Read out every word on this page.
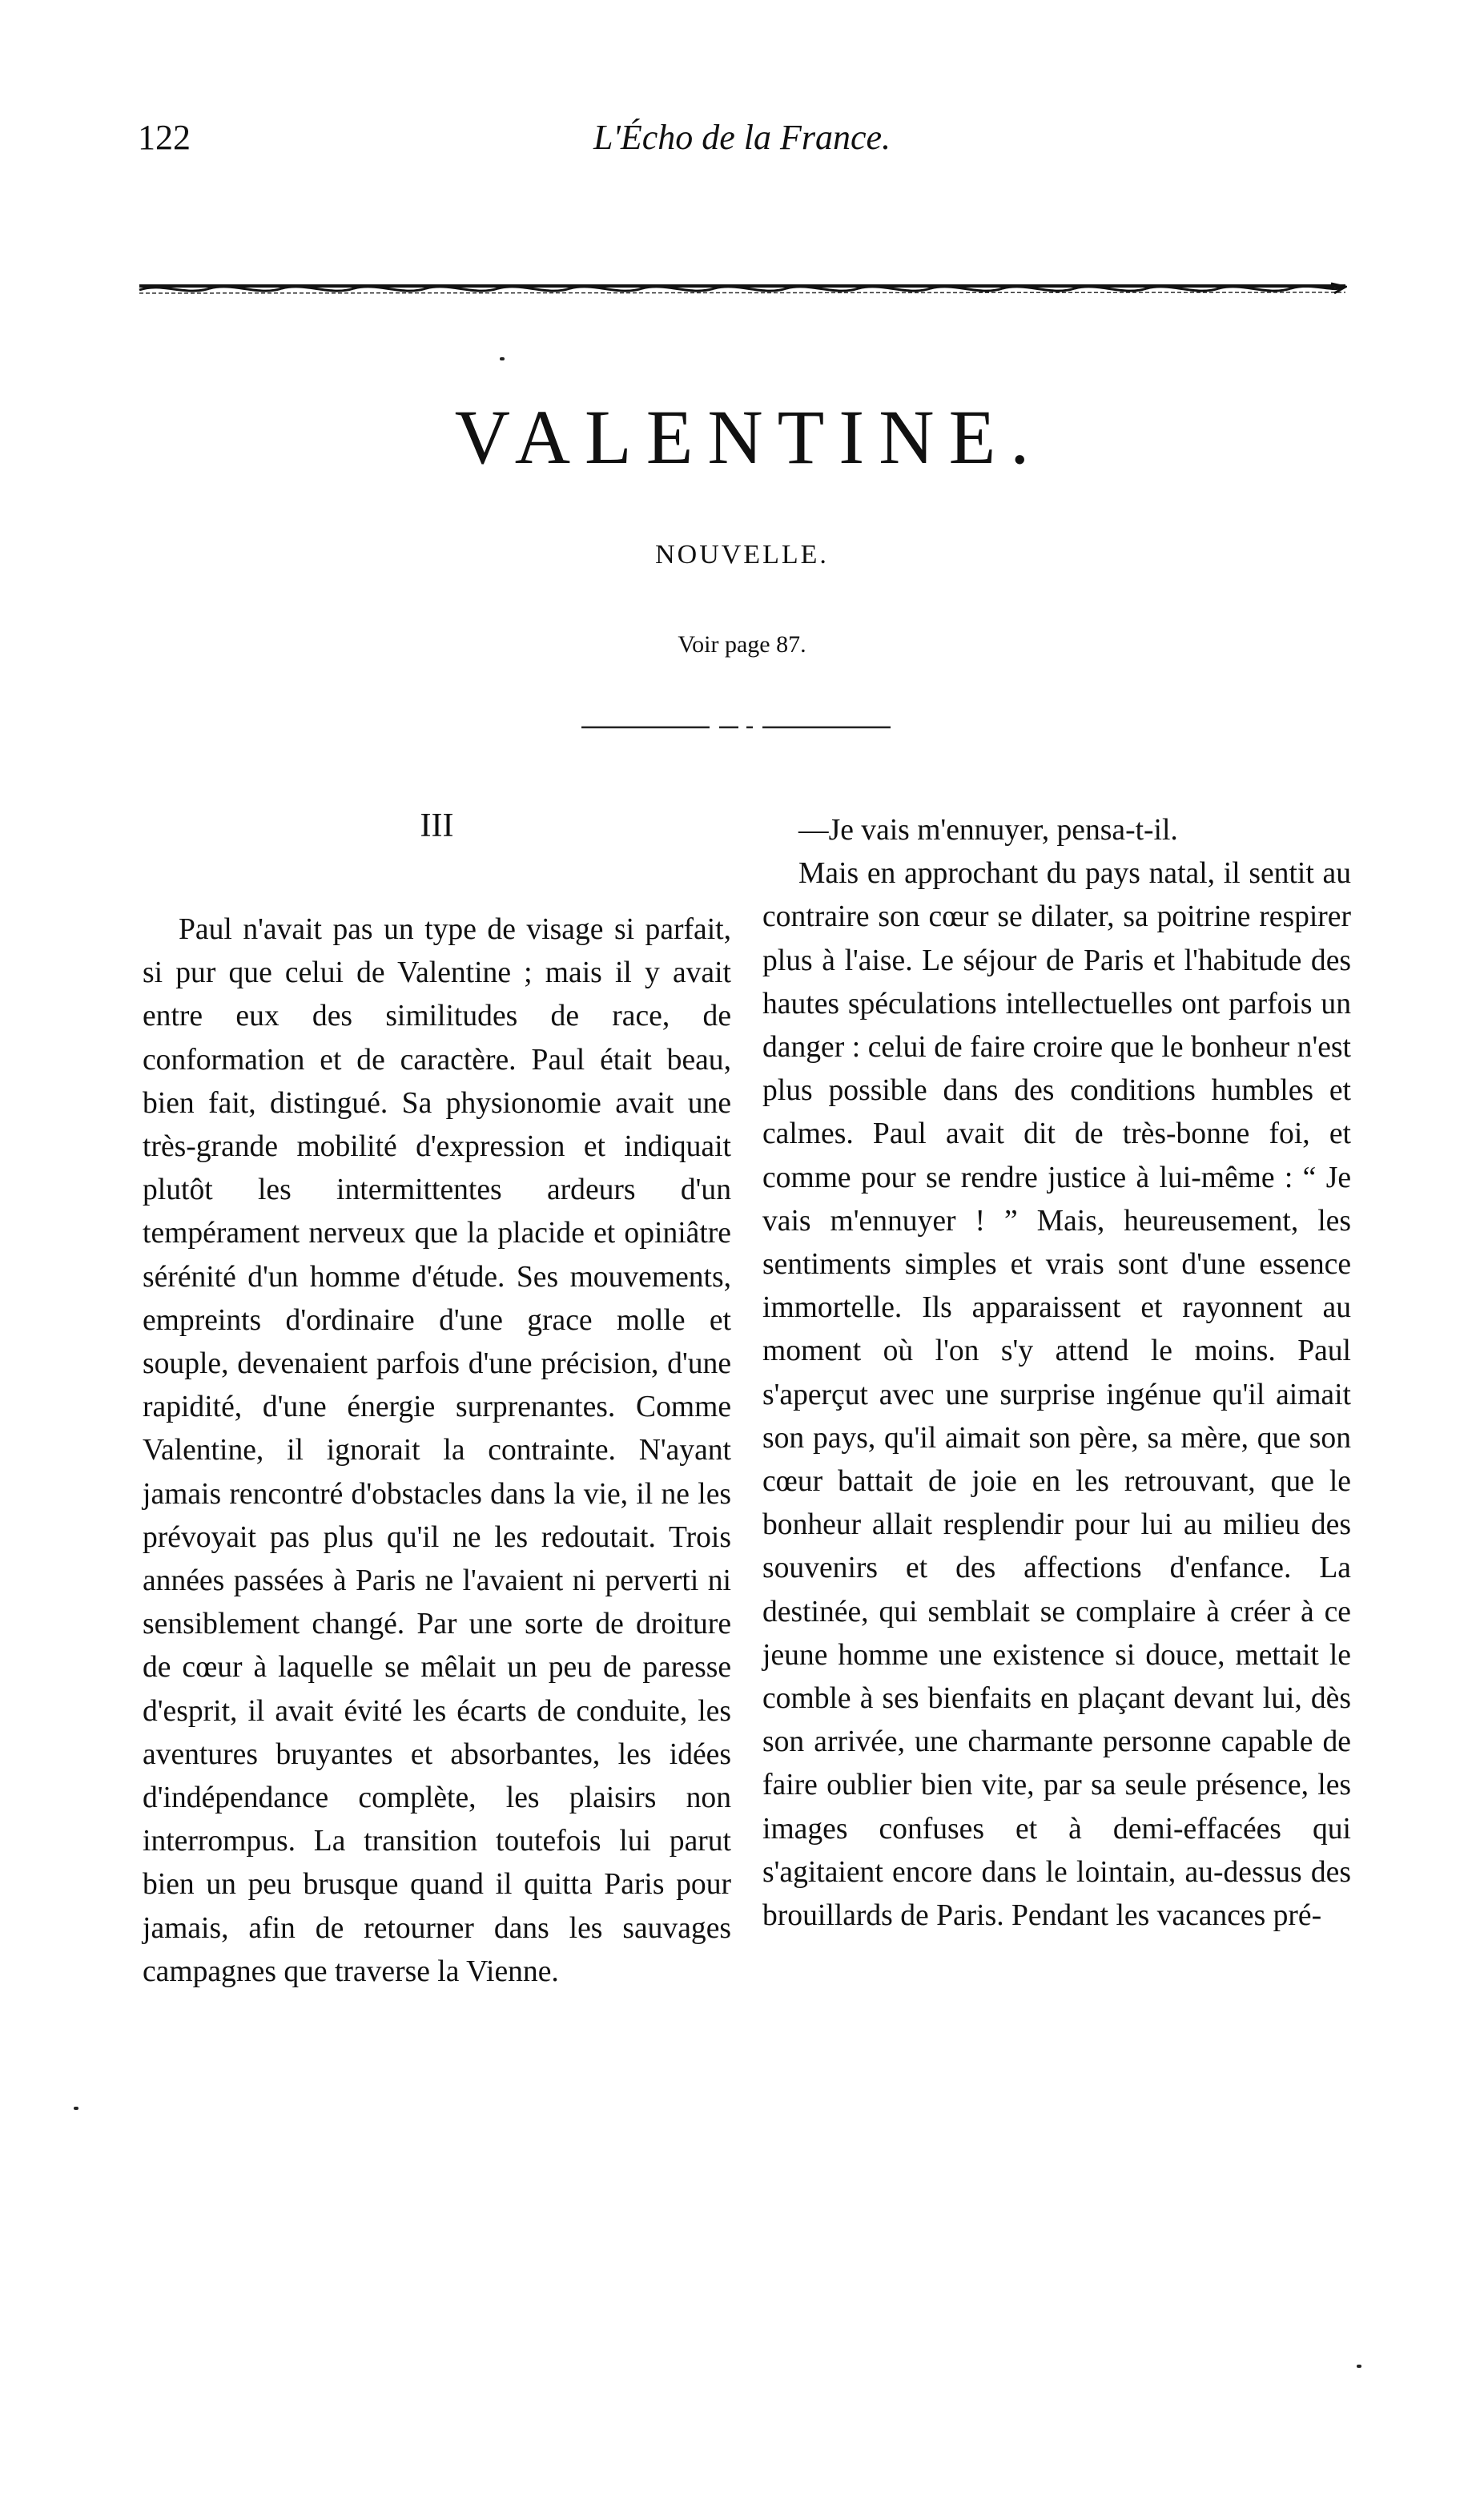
122	L'Écho de la France.
VALENTINE.
NOUVELLE.
Voir page 87.
III

Paul n'avait pas un type de visage si parfait, si pur que celui de Valentine ; mais il y avait entre eux des similitudes de race, de conformation et de caractère. Paul était beau, bien fait, distingué. Sa physionomie avait une très-grande mobilité d'expression et indiquait plutôt les intermittentes ardeurs d'un tempérament nerveux que la placide et opiniâtre sérénité d'un homme d'étude. Ses mouvements, empreints d'ordinaire d'une grace molle et souple, devenaient parfois d'une précision, d'une rapidité, d'une énergie surprenantes. Comme Valentine, il ignorait la contrainte. N'ayant jamais rencontré d'obstacles dans la vie, il ne les prévoyait pas plus qu'il ne les redoutait. Trois années passées à Paris ne l'avaient ni perverti ni sensiblement changé. Par une sorte de droiture de cœur à laquelle se mêlait un peu de paresse d'esprit, il avait évité les écarts de conduite, les aventures bruyantes et absorbantes, les idées d'indépendance complète, les plaisirs non interrompus. La transition toutefois lui parut bien un peu brusque quand il quitta Paris pour jamais, afin de retourner dans les sauvages campagnes que traverse la Vienne.

—Je vais m'ennuyer, pensa-t-il.

Mais en approchant du pays natal, il sentit au contraire son cœur se dilater, sa poitrine respirer plus à l'aise. Le séjour de Paris et l'habitude des hautes spéculations intellectuelles ont parfois un danger : celui de faire croire que le bonheur n'est plus possible dans des conditions humbles et calmes. Paul avait dit de très-bonne foi, et comme pour se rendre justice à lui-même : “ Je vais m'ennuyer ! ” Mais, heureusement, les sentiments simples et vrais sont d'une essence immortelle. Ils apparaissent et rayonnent au moment où l'on s'y attend le moins. Paul s'aperçut avec une surprise ingénue qu'il aimait son pays, qu'il aimait son père, sa mère, que son cœur battait de joie en les retrouvant, que le bonheur allait resplendir pour lui au milieu des souvenirs et des affections d'enfance. La destinée, qui semblait se complaire à créer à ce jeune homme une existence si douce, mettait le comble à ses bienfaits en plaçant devant lui, dès son arrivée, une charmante personne capable de faire oublier bien vite, par sa seule présence, les images confuses et à demi-effacées qui s'agitaient encore dans le lointain, au-dessus des brouillards de Paris. Pendant les vacances pré-
